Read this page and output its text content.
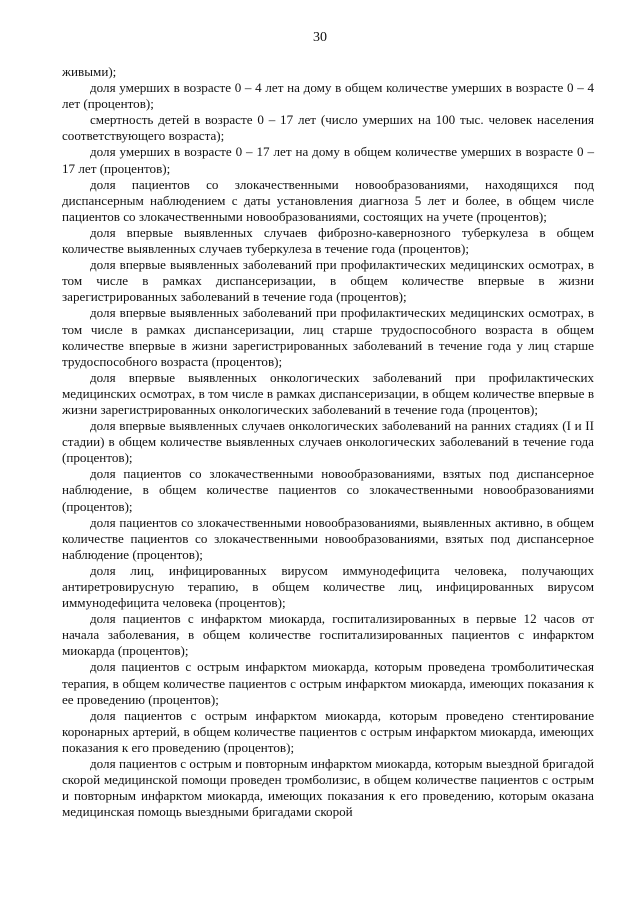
30

живыми);

доля умерших в возрасте 0 – 4 лет на дому в общем количестве умерших в возрасте 0 – 4 лет (процентов);

смертность детей в возрасте 0 – 17 лет (число умерших на 100 тыс. человек населения соответствующего возраста);

доля умерших в возрасте 0 – 17 лет на дому в общем количестве умерших в возрасте 0 – 17 лет (процентов);

доля пациентов со злокачественными новообразованиями, находящихся под диспансерным наблюдением с даты установления диагноза 5 лет и более, в общем числе пациентов со злокачественными новообразованиями, состоящих на учете (процентов);

доля впервые выявленных случаев фиброзно-кавернозного туберкулеза в общем количестве выявленных случаев туберкулеза в течение года (процентов);

доля впервые выявленных заболеваний при профилактических медицинских осмотрах, в том числе в рамках диспансеризации, в общем количестве впервые в жизни зарегистрированных заболеваний в течение года (процентов);

доля впервые выявленных заболеваний при профилактических медицинских осмотрах, в том числе в рамках диспансеризации, лиц старше трудоспособного возраста в общем количестве впервые в жизни зарегистрированных заболеваний в течение года у лиц старше трудоспособного возраста (процентов);

доля впервые выявленных онкологических заболеваний при профилактических медицинских осмотрах, в том числе в рамках диспансеризации, в общем количестве впервые в жизни зарегистрированных онкологических заболеваний в течение года (процентов);

доля впервые выявленных случаев онкологических заболеваний на ранних стадиях (I и II стадии) в общем количестве выявленных случаев онкологических заболеваний в течение года (процентов);

доля пациентов со злокачественными новообразованиями, взятых под диспансерное наблюдение, в общем количестве пациентов со злокачественными новообразованиями (процентов);

доля пациентов со злокачественными новообразованиями, выявленных активно, в общем количестве пациентов со злокачественными новообразованиями, взятых под диспансерное наблюдение (процентов);

доля лиц, инфицированных вирусом иммунодефицита человека, получающих антиретровирусную терапию, в общем количестве лиц, инфицированных вирусом иммунодефицита человека (процентов);

доля пациентов с инфарктом миокарда, госпитализированных в первые 12 часов от начала заболевания, в общем количестве госпитализированных пациентов с инфарктом миокарда (процентов);

доля пациентов с острым инфарктом миокарда, которым проведена тромболитическая терапия, в общем количестве пациентов с острым инфарктом миокарда, имеющих показания к ее проведению (процентов);

доля пациентов с острым инфарктом миокарда, которым проведено стентирование коронарных артерий, в общем количестве пациентов с острым инфарктом миокарда, имеющих показания к его проведению (процентов);

доля пациентов с острым и повторным инфарктом миокарда, которым выездной бригадой скорой медицинской помощи проведен тромболизис, в общем количестве пациентов с острым и повторным инфарктом миокарда, имеющих показания к его проведению, которым оказана медицинская помощь выездными бригадами скорой
